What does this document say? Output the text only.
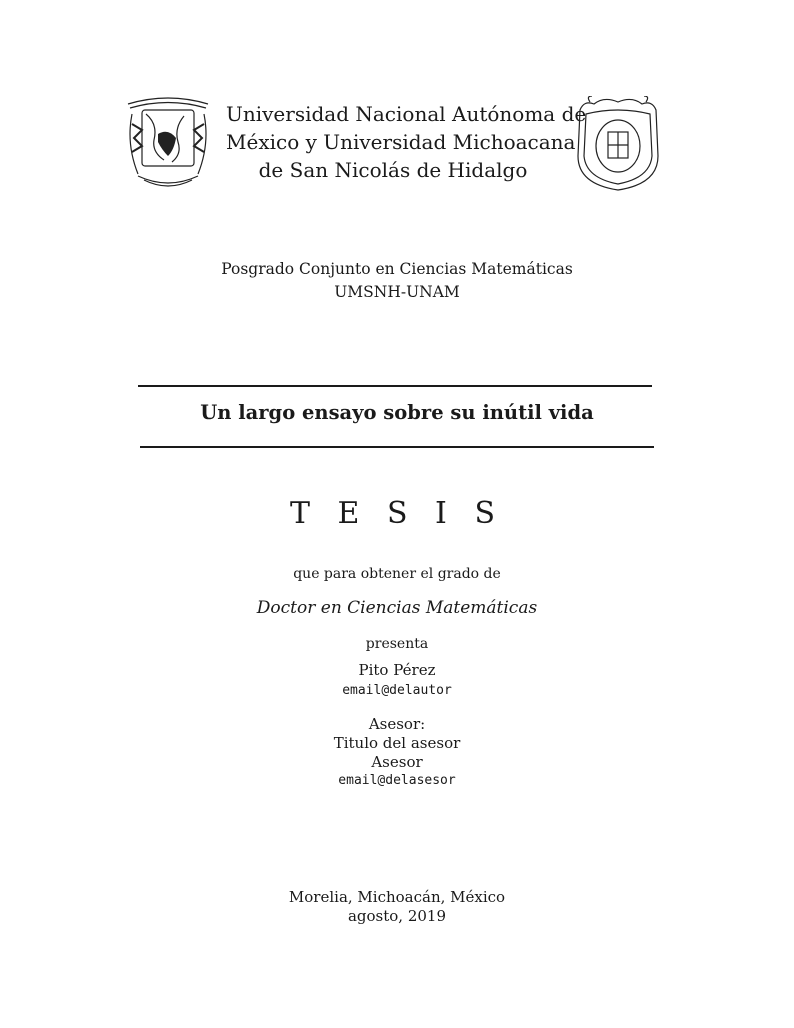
Universidad Nacional Autónoma de
México y Universidad Michoacana
de San Nicolás de Hidalgo
Posgrado Conjunto en Ciencias Matemáticas
UMSNH-UNAM
Un largo ensayo sobre su inútil vida
T E S I S
que para obtener el grado de
Doctor en Ciencias Matemáticas
presenta
Pito Pérez
email@delautor
Asesor:
Titulo del asesor
Asesor
email@delasesor
Morelia, Michoacán, México
agosto, 2019
